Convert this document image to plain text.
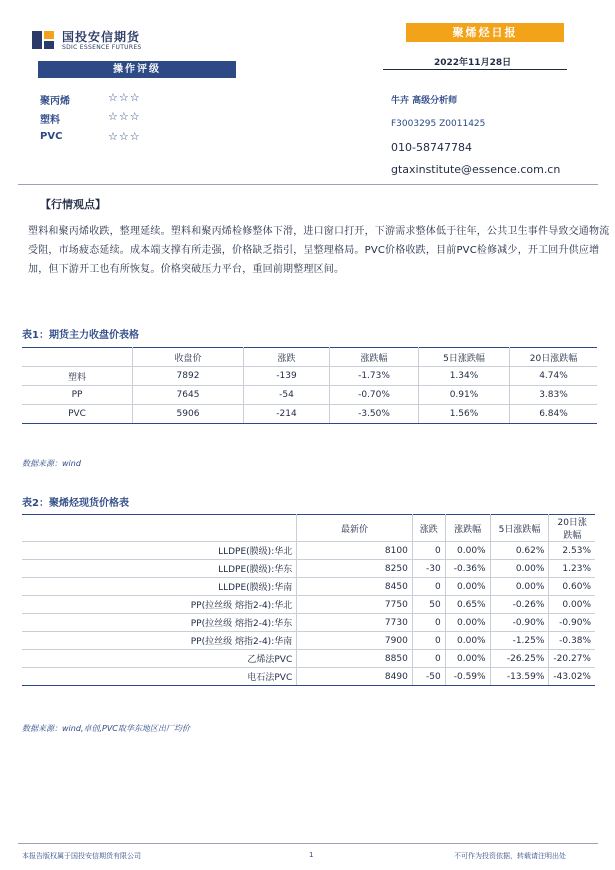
国投安信期货
SDIC ESSENCE FUTURES
聚烯烃日报
2022年11月28日
操作评级
聚丙烯	☆☆☆
塑料	☆☆☆
PVC	☆☆☆
牛卉 高级分析师
F3003295 Z0011425
010-58747784
gtaxinstitute@essence.com.cn
【行情观点】
塑料和聚丙烯收跌，整理延续。塑料和聚丙烯检修整体下滑，进口窗口打开，下游需求整体低于往年，公共卫生事件导致交通物流受阻，市场疲态延续。成本端支撑有所走强，价格缺乏指引，呈整理格局。PVC价格收跌，目前PVC检修减少，开工回升供应增加，但下游开工也有所恢复。价格突破压力平台，重回前期整理区间。
表1：期货主力收盘价表格
	收盘价	涨跌	涨跌幅	5日涨跌幅	20日涨跌幅
塑料	7892	-139	-1.73%	1.34%	4.74%
PP	7645	-54	-0.70%	0.91%	3.83%
PVC	5906	-214	-3.50%	1.56%	6.84%
数据来源：wind
表2：聚烯烃现货价格表
	最新价	涨跌	涨跌幅	5日涨跌幅	20日涨跌幅
LLDPE(膜级):华北	8100	0	0.00%	0.62%	2.53%
LLDPE(膜级):华东	8250	-30	-0.36%	0.00%	1.23%
LLDPE(膜级):华南	8450	0	0.00%	0.00%	0.60%
PP(拉丝级 熔指2-4):华北	7750	50	0.65%	-0.26%	0.00%
PP(拉丝级 熔指2-4):华东	7730	0	0.00%	-0.90%	-0.90%
PP(拉丝级 熔指2-4):华南	7900	0	0.00%	-1.25%	-0.38%
乙烯法PVC	8850	0	0.00%	-26.25%	-20.27%
电石法PVC	8490	-50	-0.59%	-13.59%	-43.02%
数据来源：wind,卓创,PVC取华东地区出厂均价
本报告版权属于国投安信期货有限公司	1	不可作为投资依据，转载请注明出处
